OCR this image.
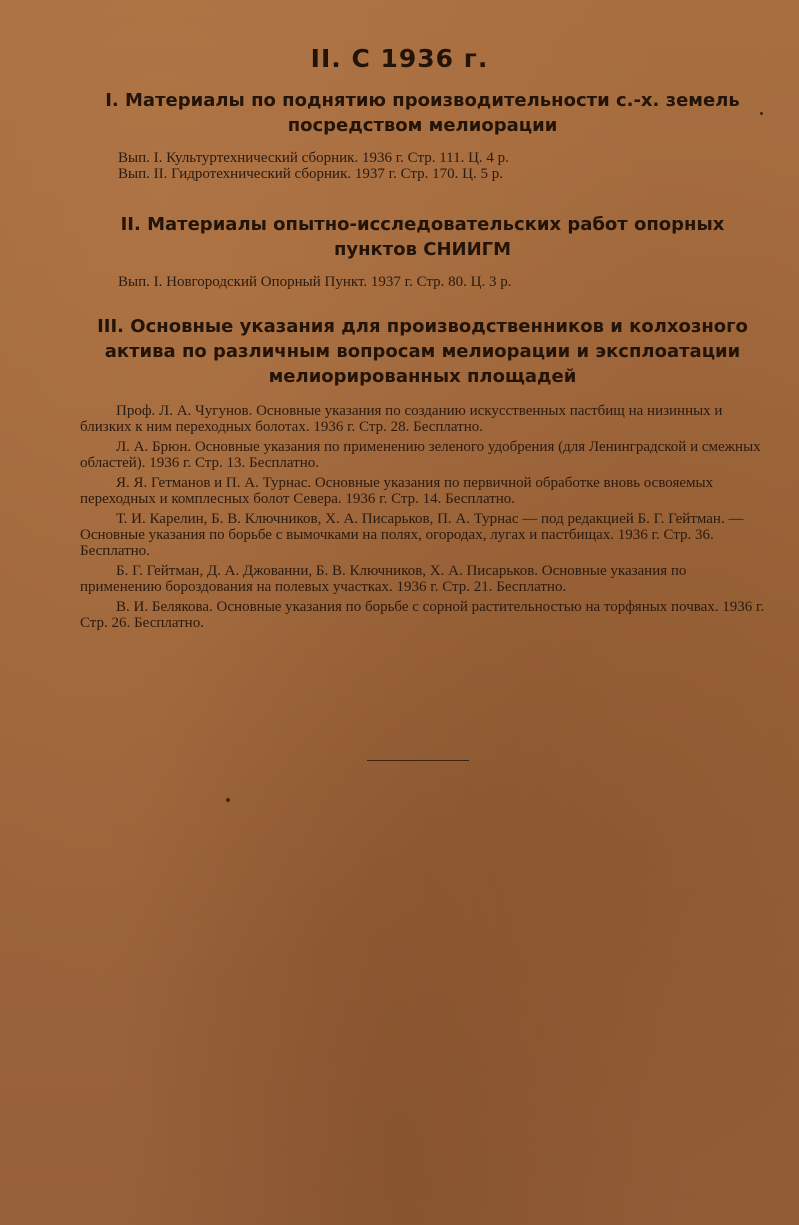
II. С 1936 г.
I. Материалы по поднятию производительности с.-х. земель посредством мелиорации

Вып. I. Культуртехнический сборник. 1936 г. Стр. 111. Ц. 4 р.

Вып. II. Гидротехнический сборник. 1937 г. Стр. 170. Ц. 5 р.

II. Материалы опытно-исследовательских работ опорных пунктов СНИИГМ

Вып. I. Новгородский Опорный Пункт. 1937 г. Стр. 80. Ц. 3 р.

III. Основные указания для производственников и колхозного актива по различным вопросам мелиорации и эксплоатации мелиорированных площадей

Проф. Л. А. Чугунов. Основные указания по созданию искусственных пастбищ на низинных и близких к ним переходных болотах. 1936 г. Стр. 28. Бесплатно.

Л. А. Брюн. Основные указания по применению зеленого удобрения (для Ленинградской и смежных областей). 1936 г. Стр. 13. Бесплатно.

Я. Я. Гетманов и П. А. Турнас. Основные указания по первичной обработке вновь освояемых переходных и комплесных болот Севера. 1936 г. Стр. 14. Бесплатно.

Т. И. Карелин, Б. В. Ключников, Х. А. Писарьков, П. А. Турнас — под редакцией Б. Г. Гейтман. — Основные указания по борьбе с вымочками на полях, огородах, лугах и пастбищах. 1936 г. Стр. 36. Бесплатно.

Б. Г. Гейтман, Д. А. Джованни, Б. В. Ключников, Х. А. Писарьков. Основные указания по применению бороздования на полевых участках. 1936 г. Стр. 21. Бесплатно.

В. И. Белякова. Основные указания по борьбе с сорной растительностью на торфяных почвах. 1936 г. Стр. 26. Бесплатно.
